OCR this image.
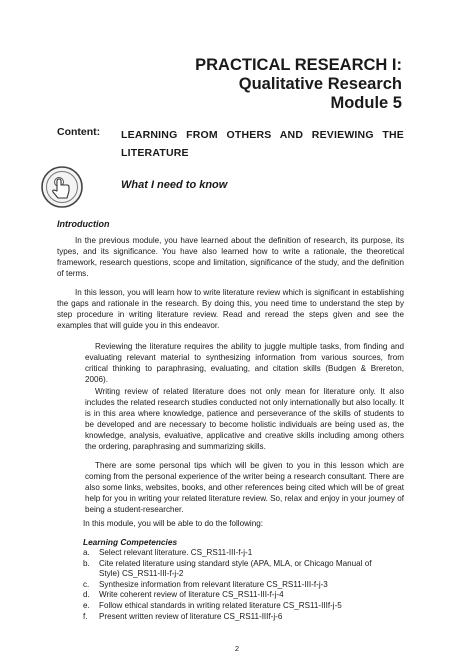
PRACTICAL RESEARCH I:
Qualitative Research
Module 5
Content: LEARNING FROM OTHERS AND REVIEWING THE LITERATURE
What I need to know
Introduction
In the previous module, you have learned about the definition of research, its purpose, its types, and its significance. You have also learned how to write a rationale, the theoretical framework, research questions, scope and limitation, significance of the study, and the definition of terms.
In this lesson, you will learn how to write literature review which is significant in establishing the gaps and rationale in the research. By doing this, you need time to understand the step by step procedure in writing literature review. Read and reread the steps given and see the examples that will guide you in this endeavor.
Reviewing the literature requires the ability to juggle multiple tasks, from finding and evaluating relevant material to synthesizing information from various sources, from critical thinking to paraphrasing, evaluating, and citation skills (Budgen & Brereton, 2006).
Writing review of related literature does not only mean for literature only. It also includes the related research studies conducted not only internationally but also locally. It is in this area where knowledge, patience and perseverance of the skills of students to be developed and are necessary to become holistic individuals are being used as, the knowledge, analysis, evaluative, applicative and creative skills including among others the ordering, paraphrasing and summarizing skills.
There are some personal tips which will be given to you in this lesson which are coming from the personal experience of the writer being a research consultant. There are also some links, websites, books, and other references being cited which will be of great help for you in writing your related literature review. So, relax and enjoy in your journey of being a student-researcher.
In this module, you will be able to do the following:
Learning Competencies
a. Select relevant literature. CS_RS11-III-f-j-1
b. Cite related literature using standard style (APA, MLA, or Chicago Manual of Style) CS_RS11-III-f-j-2
c. Synthesize information from relevant literature CS_RS11-III-f-j-3
d. Write coherent review of literature CS_RS11-III-f-j-4
e. Follow ethical standards in writing related literature CS_RS11-IIIf-j-5
f. Present written review of literature CS_RS11-IIIf-j-6
2
